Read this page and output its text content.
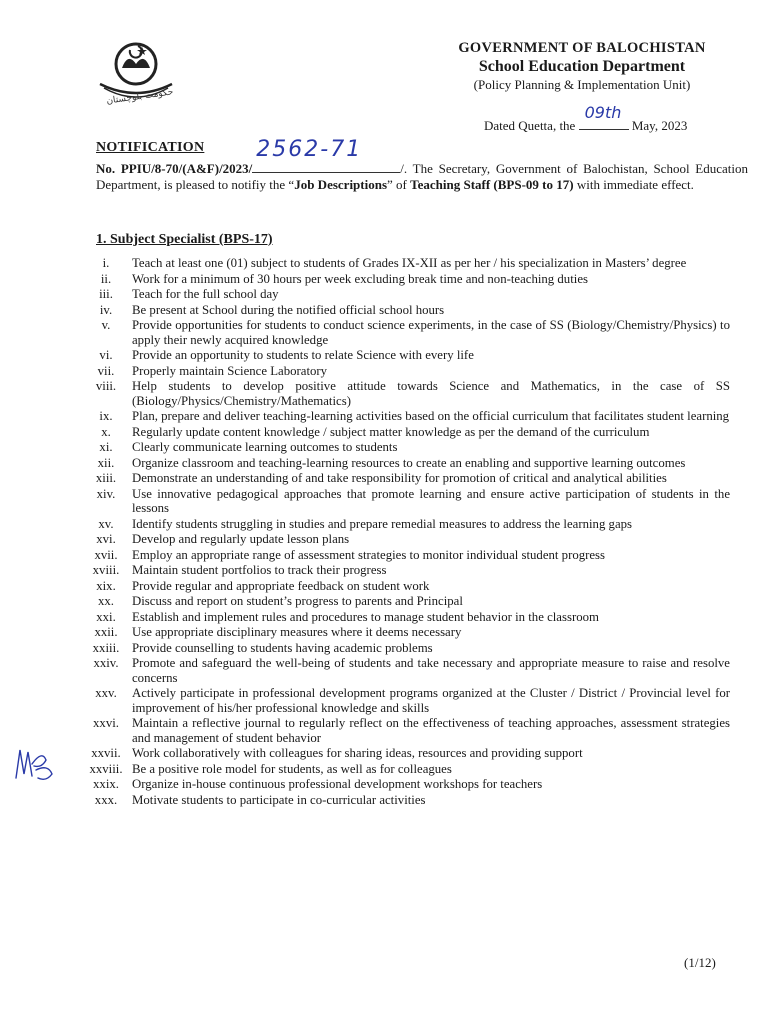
حکومت بلوچستان
GOVERNMENT OF BALOCHISTAN
School Education Department
(Policy Planning & Implementation Unit)
Dated Quetta, the
09th
May, 2023
NOTIFICATION
No. PPIU/8-70/(A&F)/2023/
2562-71
/. The Secretary, Government of Balochistan, School Education Department, is pleased to notifiy the “Job Descriptions” of Teaching Staff (BPS-09 to 17) with immediate effect.
1. Subject Specialist (BPS-17)
i.	Teach at least one (01) subject to students of Grades IX-XII as per her / his specialization in Masters’ degree
ii.	Work for a minimum of 30 hours per week excluding break time and non-teaching duties
iii.	Teach for the full school day
iv.	Be present at School during the notified official school hours
v.	Provide opportunities for students to conduct science experiments, in the case of SS (Biology/Chemistry/Physics) to apply their newly acquired knowledge
vi.	Provide an opportunity to students to relate Science with every life
vii.	Properly maintain Science Laboratory
viii.	Help students to develop positive attitude towards Science and Mathematics, in the case of SS (Biology/Physics/Chemistry/Mathematics)
ix.	Plan, prepare and deliver teaching-learning activities based on the official curriculum that facilitates student learning
x.	Regularly update content knowledge / subject matter knowledge as per the demand of the curriculum
xi.	Clearly communicate learning outcomes to students
xii.	Organize classroom and teaching-learning resources to create an enabling and supportive learning outcomes
xiii.	Demonstrate an understanding of and take responsibility for promotion of critical and analytical abilities
xiv.	Use innovative pedagogical approaches that promote learning and ensure active participation of students in the lessons
xv.	Identify students struggling in studies and prepare remedial measures to address the learning gaps
xvi.	Develop and regularly update lesson plans
xvii.	Employ an appropriate range of assessment strategies to monitor individual student progress
xviii. Maintain student portfolios to track their progress
xix.	Provide regular and appropriate feedback on student work
xx.	Discuss and report on student’s progress to parents and Principal
xxi.	Establish and implement rules and procedures to manage student behavior in the classroom
xxii.	Use appropriate disciplinary measures where it deems necessary
xxiii. Provide counselling to students having academic problems
xxiv.	Promote and safeguard the well-being of students and take necessary and appropriate measure to raise and resolve concerns
xxv.	Actively participate in professional development programs organized at the Cluster / District / Provincial level for improvement of his/her professional knowledge and skills
xxvi.	Maintain a reflective journal to regularly reflect on the effectiveness of teaching approaches, assessment strategies and management of student behavior
xxvii. Work collaboratively with colleagues for sharing ideas, resources and providing support
xxviii. Be a positive role model for students, as well as for colleagues
xxix.	Organize in-house continuous professional development workshops for teachers
xxx.	Motivate students to participate in co-curricular activities
(1/12)
